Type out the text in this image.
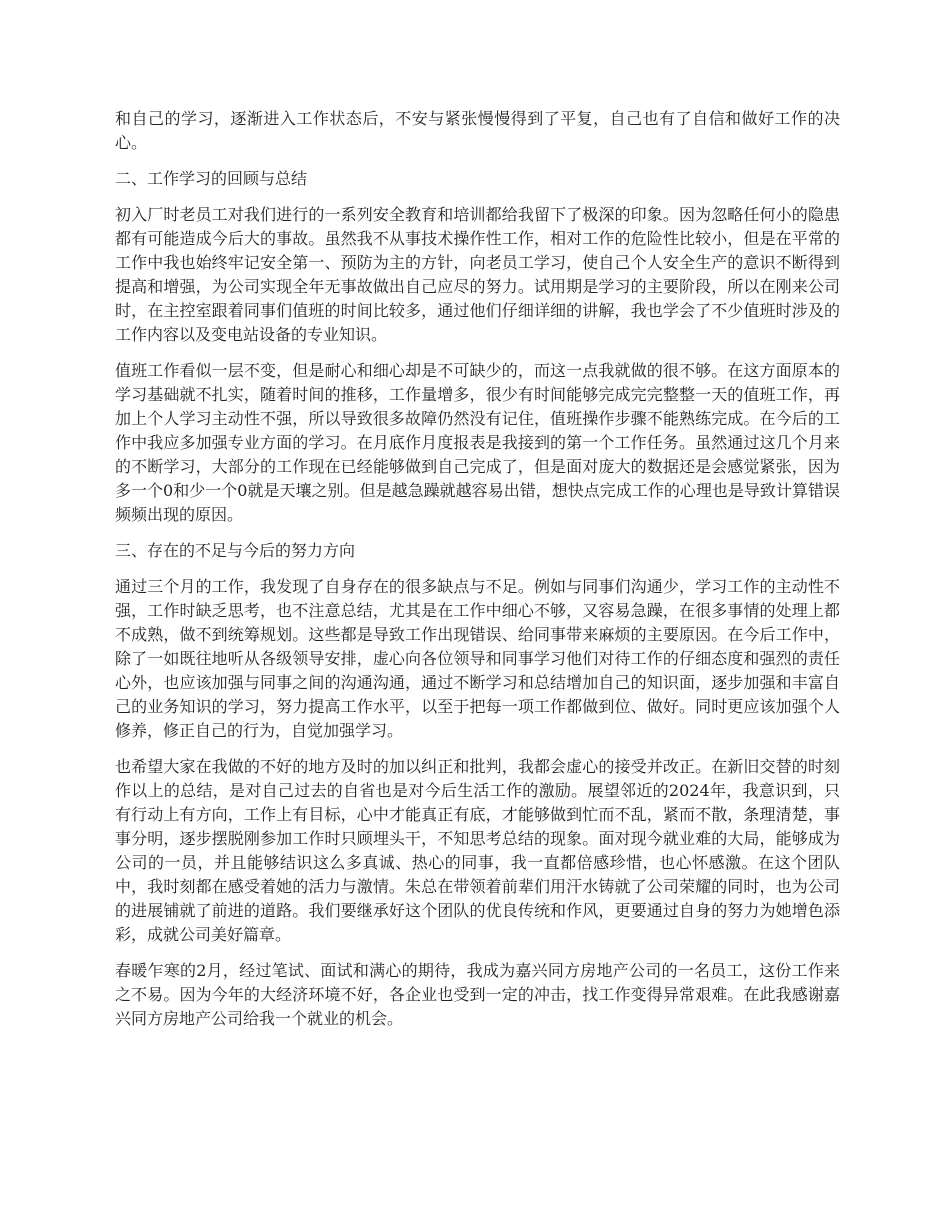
和自己的学习，逐渐进入工作状态后，不安与紧张慢慢得到了平复，自己也有了自信和做好工作的决心。

二、工作学习的回顾与总结

初入厂时老员工对我们进行的一系列安全教育和培训都给我留下了极深的印象。因为忽略任何小的隐患都有可能造成今后大的事故。虽然我不从事技术操作性工作，相对工作的危险性比较小，但是在平常的工作中我也始终牢记安全第一、预防为主的方针，向老员工学习，使自己个人安全生产的意识不断得到提高和增强，为公司实现全年无事故做出自己应尽的努力。试用期是学习的主要阶段，所以在刚来公司时，在主控室跟着同事们值班的时间比较多，通过他们仔细详细的讲解，我也学会了不少值班时涉及的工作内容以及变电站设备的专业知识。

值班工作看似一层不变，但是耐心和细心却是不可缺少的，而这一点我就做的很不够。在这方面原本的学习基础就不扎实，随着时间的推移，工作量增多，很少有时间能够完成完完整整一天的值班工作，再加上个人学习主动性不强，所以导致很多故障仍然没有记住，值班操作步骤不能熟练完成。在今后的工作中我应多加强专业方面的学习。在月底作月度报表是我接到的第一个工作任务。虽然通过这几个月来的不断学习，大部分的工作现在已经能够做到自己完成了，但是面对庞大的数据还是会感觉紧张，因为多一个0和少一个0就是天壤之别。但是越急躁就越容易出错，想快点完成工作的心理也是导致计算错误频频出现的原因。

三、存在的不足与今后的努力方向

通过三个月的工作，我发现了自身存在的很多缺点与不足。例如与同事们沟通少，学习工作的主动性不强，工作时缺乏思考，也不注意总结，尤其是在工作中细心不够，又容易急躁，在很多事情的处理上都不成熟，做不到统筹规划。这些都是导致工作出现错误、给同事带来麻烦的主要原因。在今后工作中，除了一如既往地听从各级领导安排，虚心向各位领导和同事学习他们对待工作的仔细态度和强烈的责任心外，也应该加强与同事之间的沟通沟通，通过不断学习和总结增加自己的知识面，逐步加强和丰富自己的业务知识的学习，努力提高工作水平，以至于把每一项工作都做到位、做好。同时更应该加强个人修养，修正自己的行为，自觉加强学习。

也希望大家在我做的不好的地方及时的加以纠正和批判，我都会虚心的接受并改正。在新旧交替的时刻作以上的总结，是对自己过去的自省也是对今后生活工作的激励。展望邻近的2024年，我意识到，只有行动上有方向，工作上有目标，心中才能真正有底，才能够做到忙而不乱，紧而不散，条理清楚，事事分明，逐步摆脱刚参加工作时只顾埋头干，不知思考总结的现象。面对现今就业难的大局，能够成为公司的一员，并且能够结识这么多真诚、热心的同事，我一直都倍感珍惜，也心怀感激。在这个团队中，我时刻都在感受着她的活力与激情。朱总在带领着前辈们用汗水铸就了公司荣耀的同时，也为公司的进展铺就了前进的道路。我们要继承好这个团队的优良传统和作风，更要通过自身的努力为她增色添彩，成就公司美好篇章。

春暖乍寒的2月，经过笔试、面试和满心的期待，我成为嘉兴同方房地产公司的一名员工，这份工作来之不易。因为今年的大经济环境不好，各企业也受到一定的冲击，找工作变得异常艰难。在此我感谢嘉兴同方房地产公司给我一个就业的机会。
